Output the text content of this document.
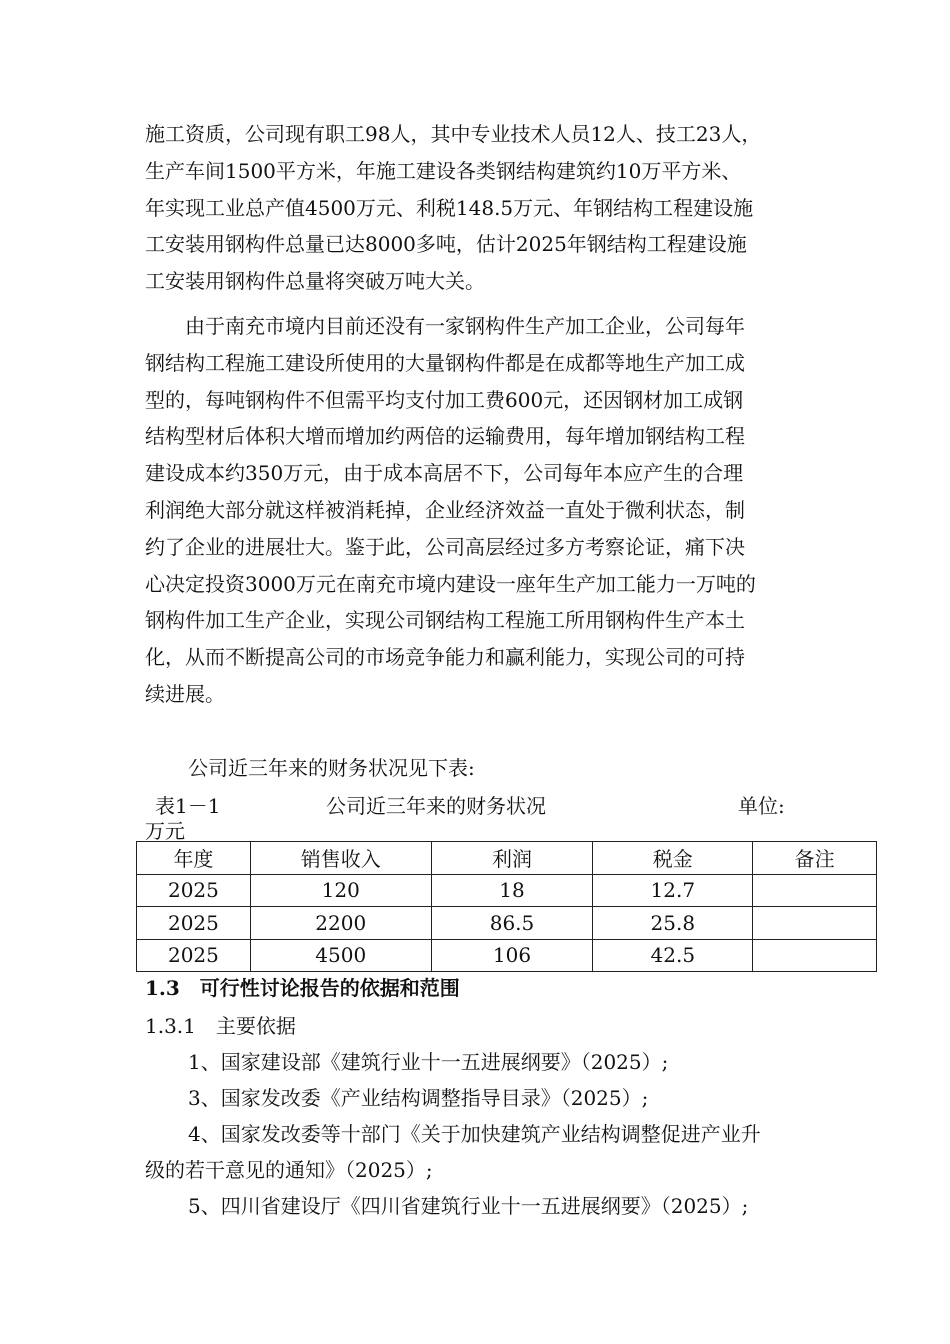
施工资质，公司现有职工98人，其中专业技术人员12人、技工23人，
生产车间1500平方米，年施工建设各类钢结构建筑约10万平方米、
年实现工业总产值4500万元、利税148.5万元、年钢结构工程建设施
工安装用钢构件总量已达8000多吨，估计2025年钢结构工程建设施
工安装用钢构件总量将突破万吨大关。
由于南充市境内目前还没有一家钢构件生产加工企业，公司每年
钢结构工程施工建设所使用的大量钢构件都是在成都等地生产加工成
型的，每吨钢构件不但需平均支付加工费600元，还因钢材加工成钢
结构型材后体积大增而增加约两倍的运输费用，每年增加钢结构工程
建设成本约350万元，由于成本高居不下，公司每年本应产生的合理
利润绝大部分就这样被消耗掉，企业经济效益一直处于微利状态，制
约了企业的进展壮大。鉴于此，公司高层经过多方考察论证，痛下决
心决定投资3000万元在南充市境内建设一座年生产加工能力一万吨的
钢构件加工生产企业，实现公司钢结构工程施工所用钢构件生产本土
化，从而不断提高公司的市场竞争能力和赢利能力，实现公司的可持
续进展。
公司近三年来的财务状况见下表:
表1－1	公司近三年来的财务状况	单位:
万元
年度	销售收入	利润	税金	备注
2025	120	18	12.7	
2025	2200	86.5	25.8	
2025	4500	106	42.5	
1.3　可行性讨论报告的依据和范围
1.3.1　主要依据
1、国家建设部《建筑行业十一五进展纲要》（2025）;
3、国家发改委《产业结构调整指导目录》（2025）;
4、国家发改委等十部门《关于加快建筑产业结构调整促进产业升
级的若干意见的通知》（2025）;
5、四川省建设厅《四川省建筑行业十一五进展纲要》（2025）;
